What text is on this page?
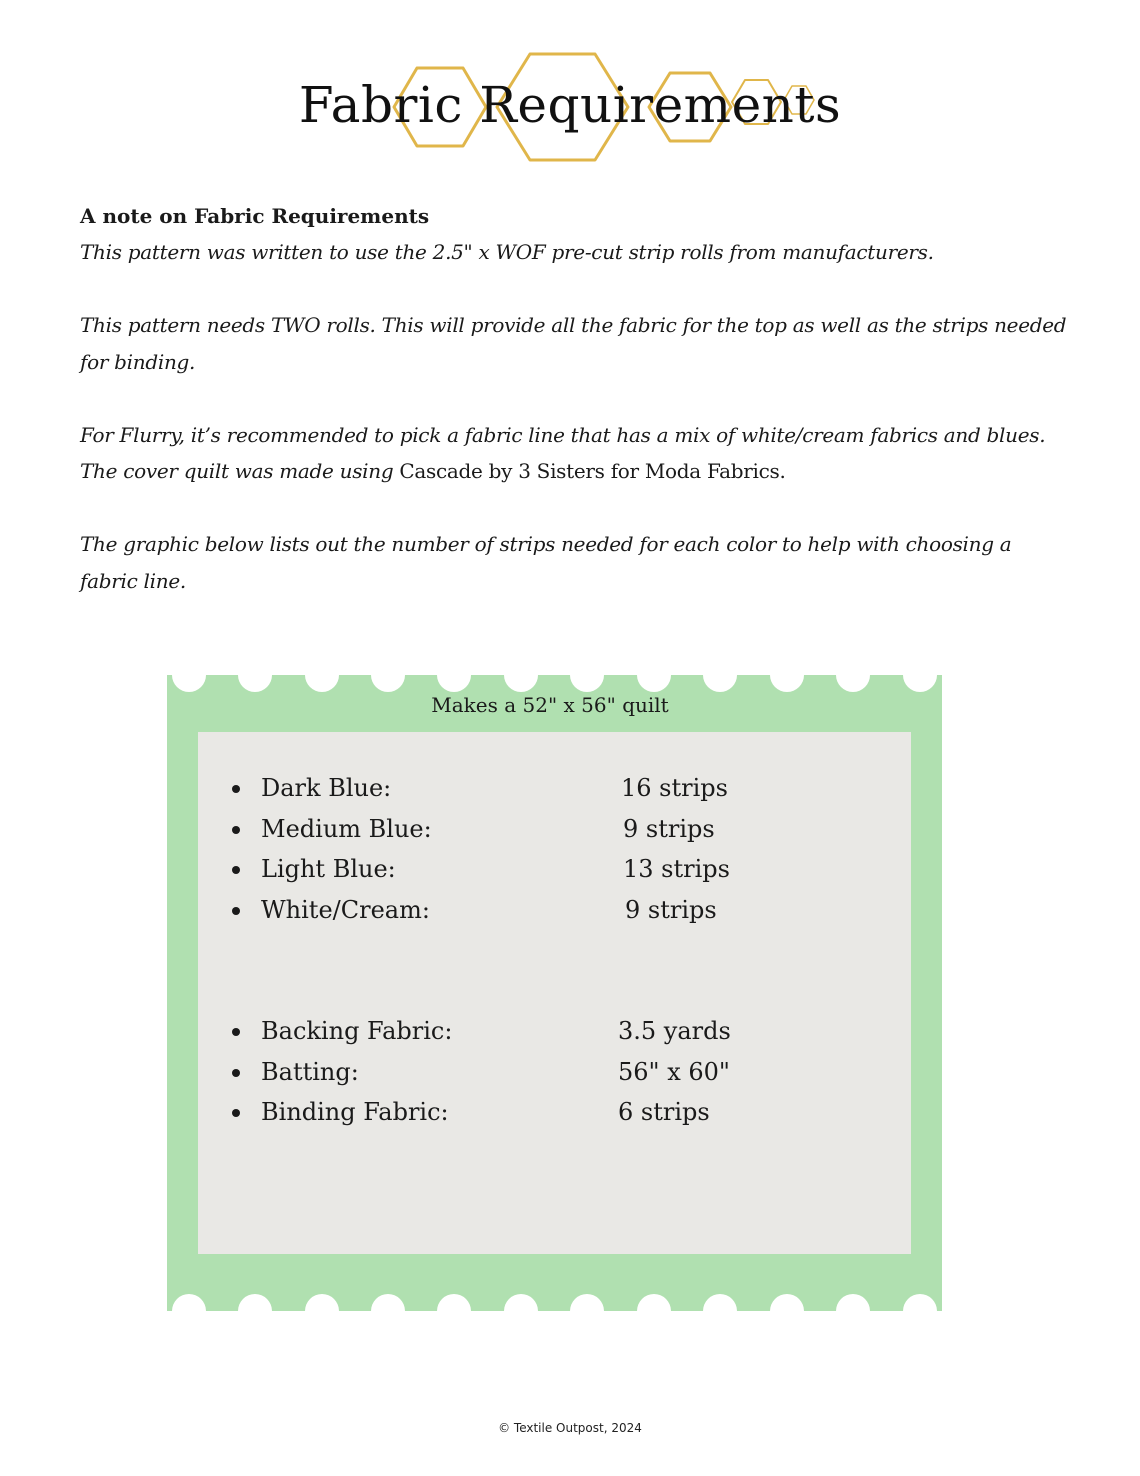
Fabric Requirements

A note on Fabric Requirements

This pattern was written to use the 2.5" x WOF pre-cut strip rolls from manufacturers.

This pattern needs TWO rolls. This will provide all the fabric for the top as well as the strips needed for binding.

For Flurry, it’s recommended to pick a fabric line that has a mix of white/cream fabrics and blues. The cover quilt was made using Cascade by 3 Sisters for Moda Fabrics.

The graphic below lists out the number of strips needed for each color to help with choosing a fabric line.

Makes a 52" x 56" quilt
Dark Blue:	16 strips
Medium Blue:	9 strips
Light Blue:	13 strips
White/Cream:	9 strips
Backing Fabric:	3.5 yards
Batting:	56" x 60"
Binding Fabric:	6 strips
© Textile Outpost, 2024
